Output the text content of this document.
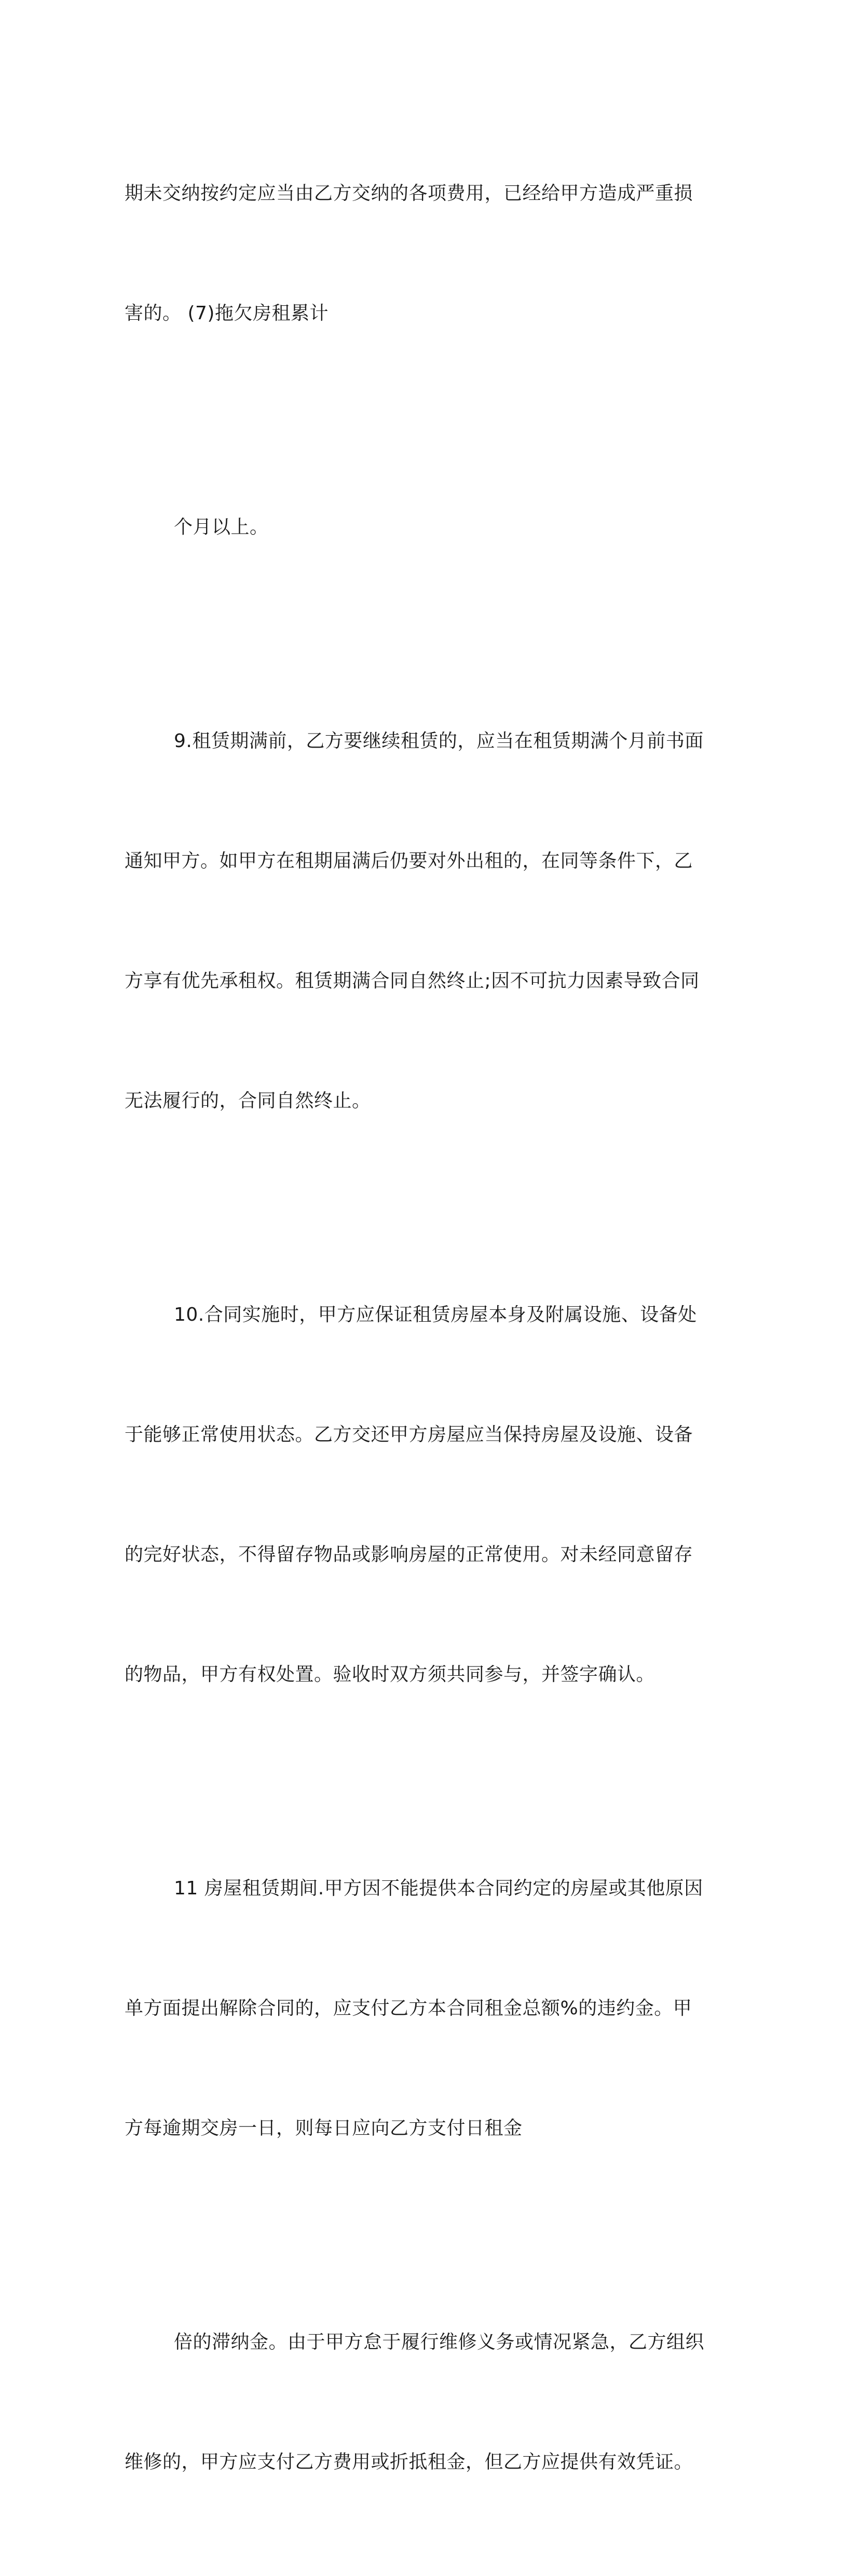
期未交纳按约定应当由乙方交纳的各项费用，已经给甲方造成严重损

害的。 (7)拖欠房租累计

个月以上。

9.租赁期满前，乙方要继续租赁的，应当在租赁期满个月前书面

通知甲方。如甲方在租期届满后仍要对外出租的，在同等条件下，乙

方享有优先承租权。租赁期满合同自然终止;因不可抗力因素导致合同

无法履行的，合同自然终止。

10.合同实施时，甲方应保证租赁房屋本身及附属设施、设备处

于能够正常使用状态。乙方交还甲方房屋应当保持房屋及设施、设备

的完好状态，不得留存物品或影响房屋的正常使用。对未经同意留存

的物品，甲方有权处置。验收时双方须共同参与，并签字确认。

11 房屋租赁期间.甲方因不能提供本合同约定的房屋或其他原因

单方面提出解除合同的，应支付乙方本合同租金总额%的违约金。甲

方每逾期交房一日，则每日应向乙方支付日租金

倍的滞纳金。由于甲方怠于履行维修义务或情况紧急，乙方组织

维修的，甲方应支付乙方费用或折抵租金，但乙方应提供有效凭证。
